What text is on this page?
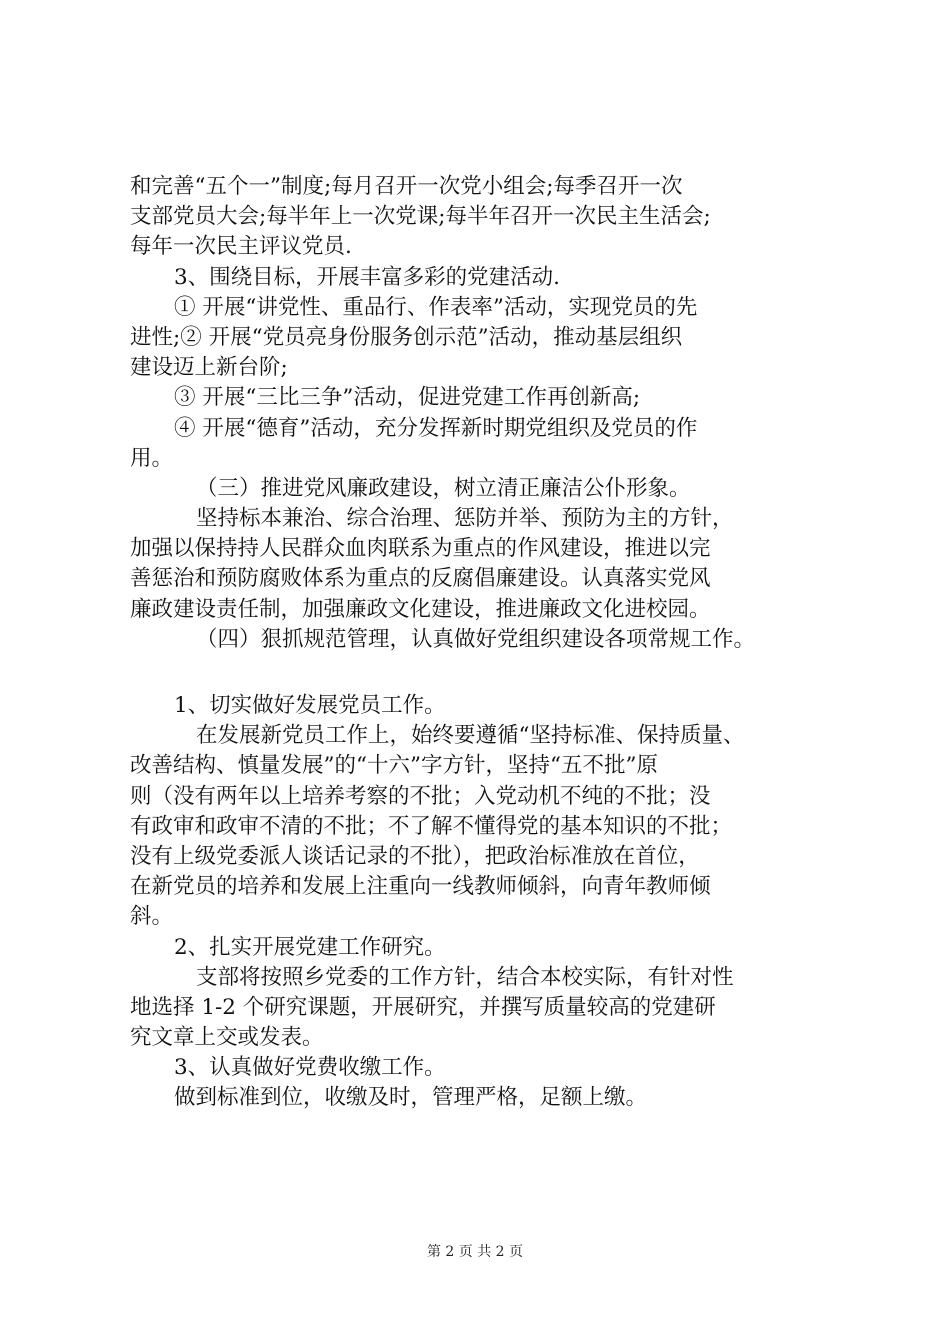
和完善“五个一”制度;每月召开一次党小组会;每季召开一次
支部党员大会;每半年上一次党课;每半年召开一次民主生活会;
每年一次民主评议党员.
3、围绕目标，开展丰富多彩的党建活动.
① 开展“讲党性、重品行、作表率”活动，实现党员的先
进性;② 开展“党员亮身份服务创示范”活动，推动基层组织
建设迈上新台阶;
③ 开展“三比三争”活动，促进党建工作再创新高;
④ 开展“德育”活动，充分发挥新时期党组织及党员的作
用。
（三）推进党风廉政建设，树立清正廉洁公仆形象。
坚持标本兼治、综合治理、惩防并举、预防为主的方针，
加强以保持持人民群众血肉联系为重点的作风建设，推进以完
善惩治和预防腐败体系为重点的反腐倡廉建设。认真落实党风
廉政建设责任制，加强廉政文化建设，推进廉政文化进校园。
（四）狠抓规范管理，认真做好党组织建设各项常规工作。
1、切实做好发展党员工作。
在发展新党员工作上，始终要遵循“坚持标准、保持质量、
改善结构、慎量发展”的“十六”字方针，坚持“五不批”原
则（没有两年以上培养考察的不批；入党动机不纯的不批；没
有政审和政审不清的不批；不了解不懂得党的基本知识的不批；
没有上级党委派人谈话记录的不批），把政治标准放在首位，
在新党员的培养和发展上注重向一线教师倾斜，向青年教师倾
斜。
2、扎实开展党建工作研究。
支部将按照乡党委的工作方针，结合本校实际，有针对性
地选择 1-2 个研究课题，开展研究，并撰写质量较高的党建研
究文章上交或发表。
3、认真做好党费收缴工作。
做到标准到位，收缴及时，管理严格，足额上缴。
第 2 页 共 2 页
